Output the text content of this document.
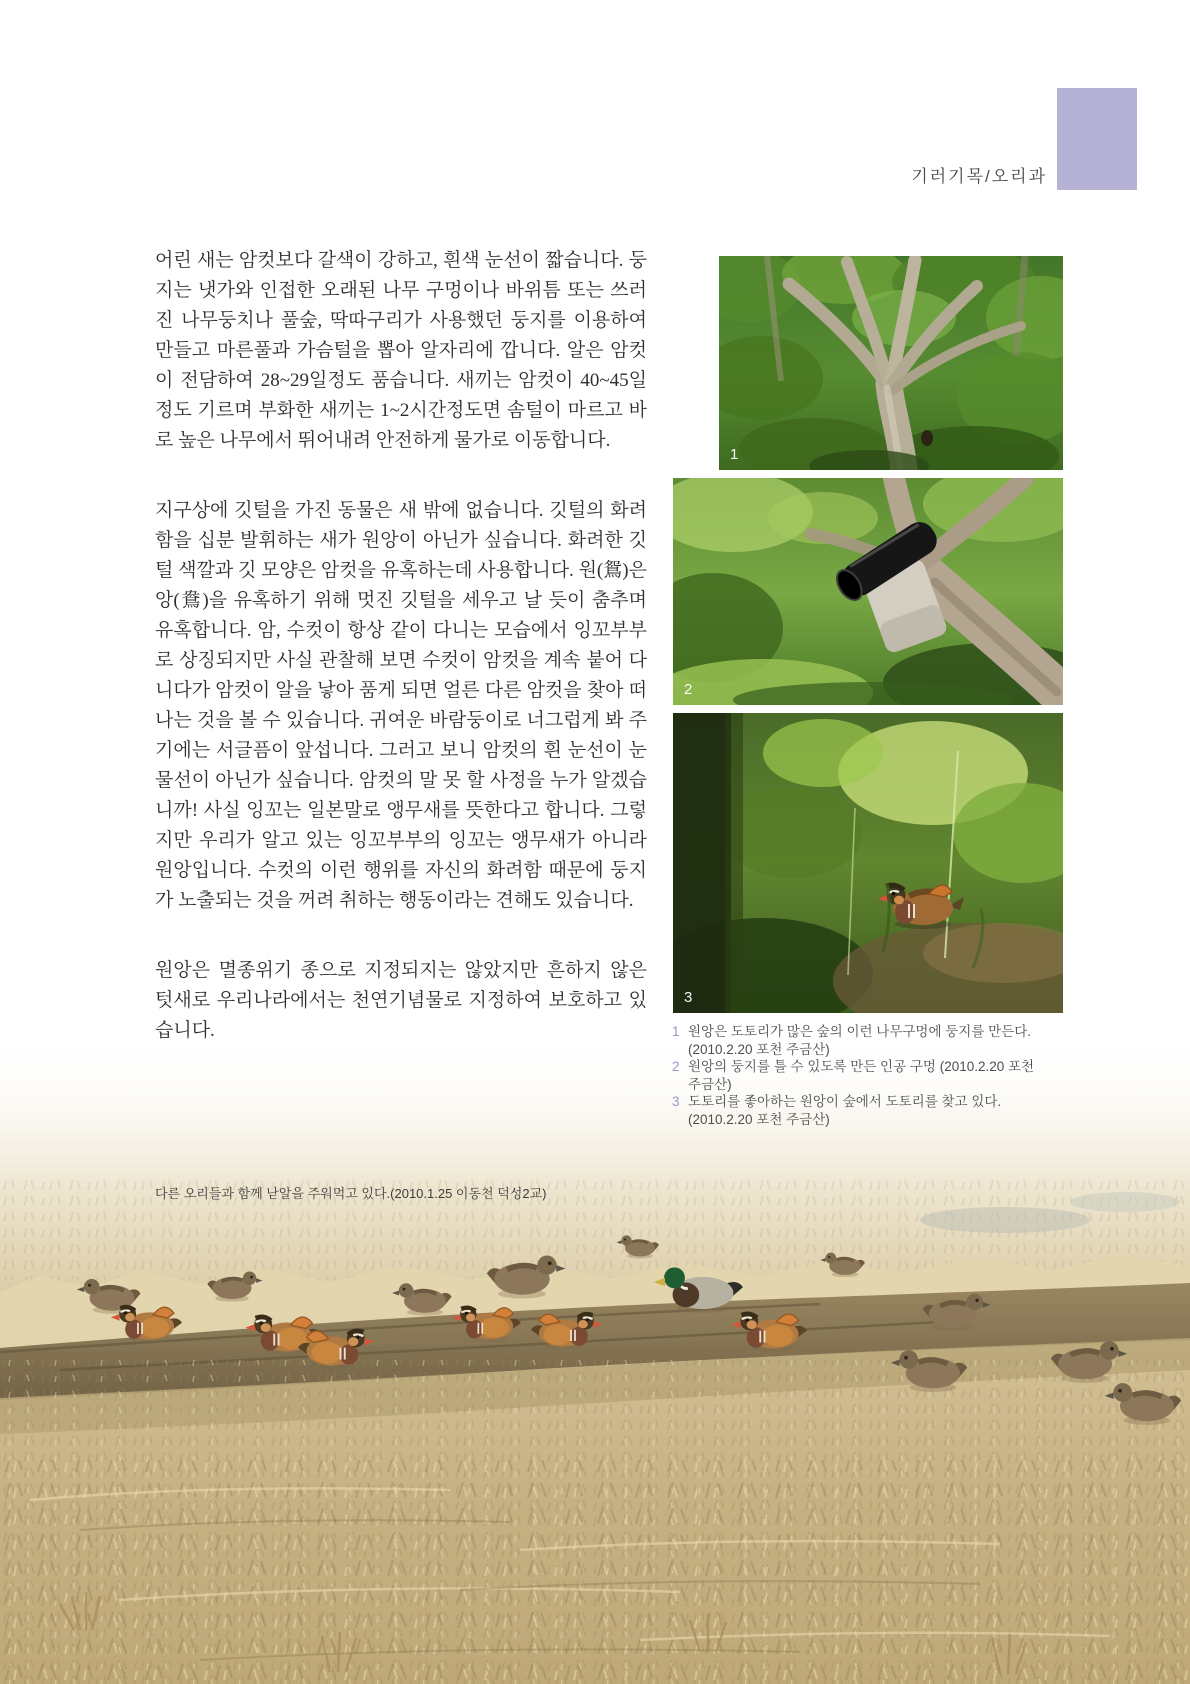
기러기목/오리과

어린 새는 암컷보다 갈색이 강하고, 흰색 눈선이 짧습니다. 둥지는 냇가와 인접한 오래된 나무 구멍이나 바위틈 또는 쓰러진 나무둥치나 풀숲, 딱따구리가 사용했던 둥지를 이용하여 만들고 마른풀과 가슴털을 뽑아 알자리에 깝니다. 알은 암컷이 전담하여 28~29일정도 품습니다. 새끼는 암컷이 40~45일정도 기르며 부화한 새끼는 1~2시간정도면 솜털이 마르고 바로 높은 나무에서 뛰어내려 안전하게 물가로 이동합니다.

지구상에 깃털을 가진 동물은 새 밖에 없습니다. 깃털의 화려함을 십분 발휘하는 새가 원앙이 아닌가 싶습니다. 화려한 깃털 색깔과 깃 모양은 암컷을 유혹하는데 사용합니다. 원(鴛)은 앙(鴦)을 유혹하기 위해 멋진 깃털을 세우고 날 듯이 춤추며 유혹합니다. 암, 수컷이 항상 같이 다니는 모습에서 잉꼬부부로 상징되지만 사실 관찰해 보면 수컷이 암컷을 계속 붙어 다니다가 암컷이 알을 낳아 품게 되면 얼른 다른 암컷을 찾아 떠나는 것을 볼 수 있습니다. 귀여운 바람둥이로 너그럽게 봐 주기에는 서글픔이 앞섭니다. 그러고 보니 암컷의 흰 눈선이 눈물선이 아닌가 싶습니다. 암컷의 말 못 할 사정을 누가 알겠습니까! 사실 잉꼬는 일본말로 앵무새를 뜻한다고 합니다. 그렇지만 우리가 알고 있는 잉꼬부부의 잉꼬는 앵무새가 아니라 원앙입니다. 수컷의 이런 행위를 자신의 화려함 때문에 둥지가 노출되는 것을 꺼려 취하는 행동이라는 견해도 있습니다.

원앙은 멸종위기 종으로 지정되지는 않았지만 흔하지 않은 텃새로 우리나라에서는 천연기념물로 지정하여 보호하고 있습니다.

1
2
3
1 원앙은 도토리가 많은 숲의 이런 나무구멍에 둥지를 만든다.(2010.2.20 포천 주금산)
2 원앙의 둥지를 틀 수 있도록 만든 인공 구멍 (2010.2.20 포천 주금산)
3 도토리를 좋아하는 원앙이 숲에서 도토리를 찾고 있다.(2010.2.20 포천 주금산)
다른 오리들과 함께 낟알을 주워먹고 있다.(2010.1.25 이동천 덕성2교)
